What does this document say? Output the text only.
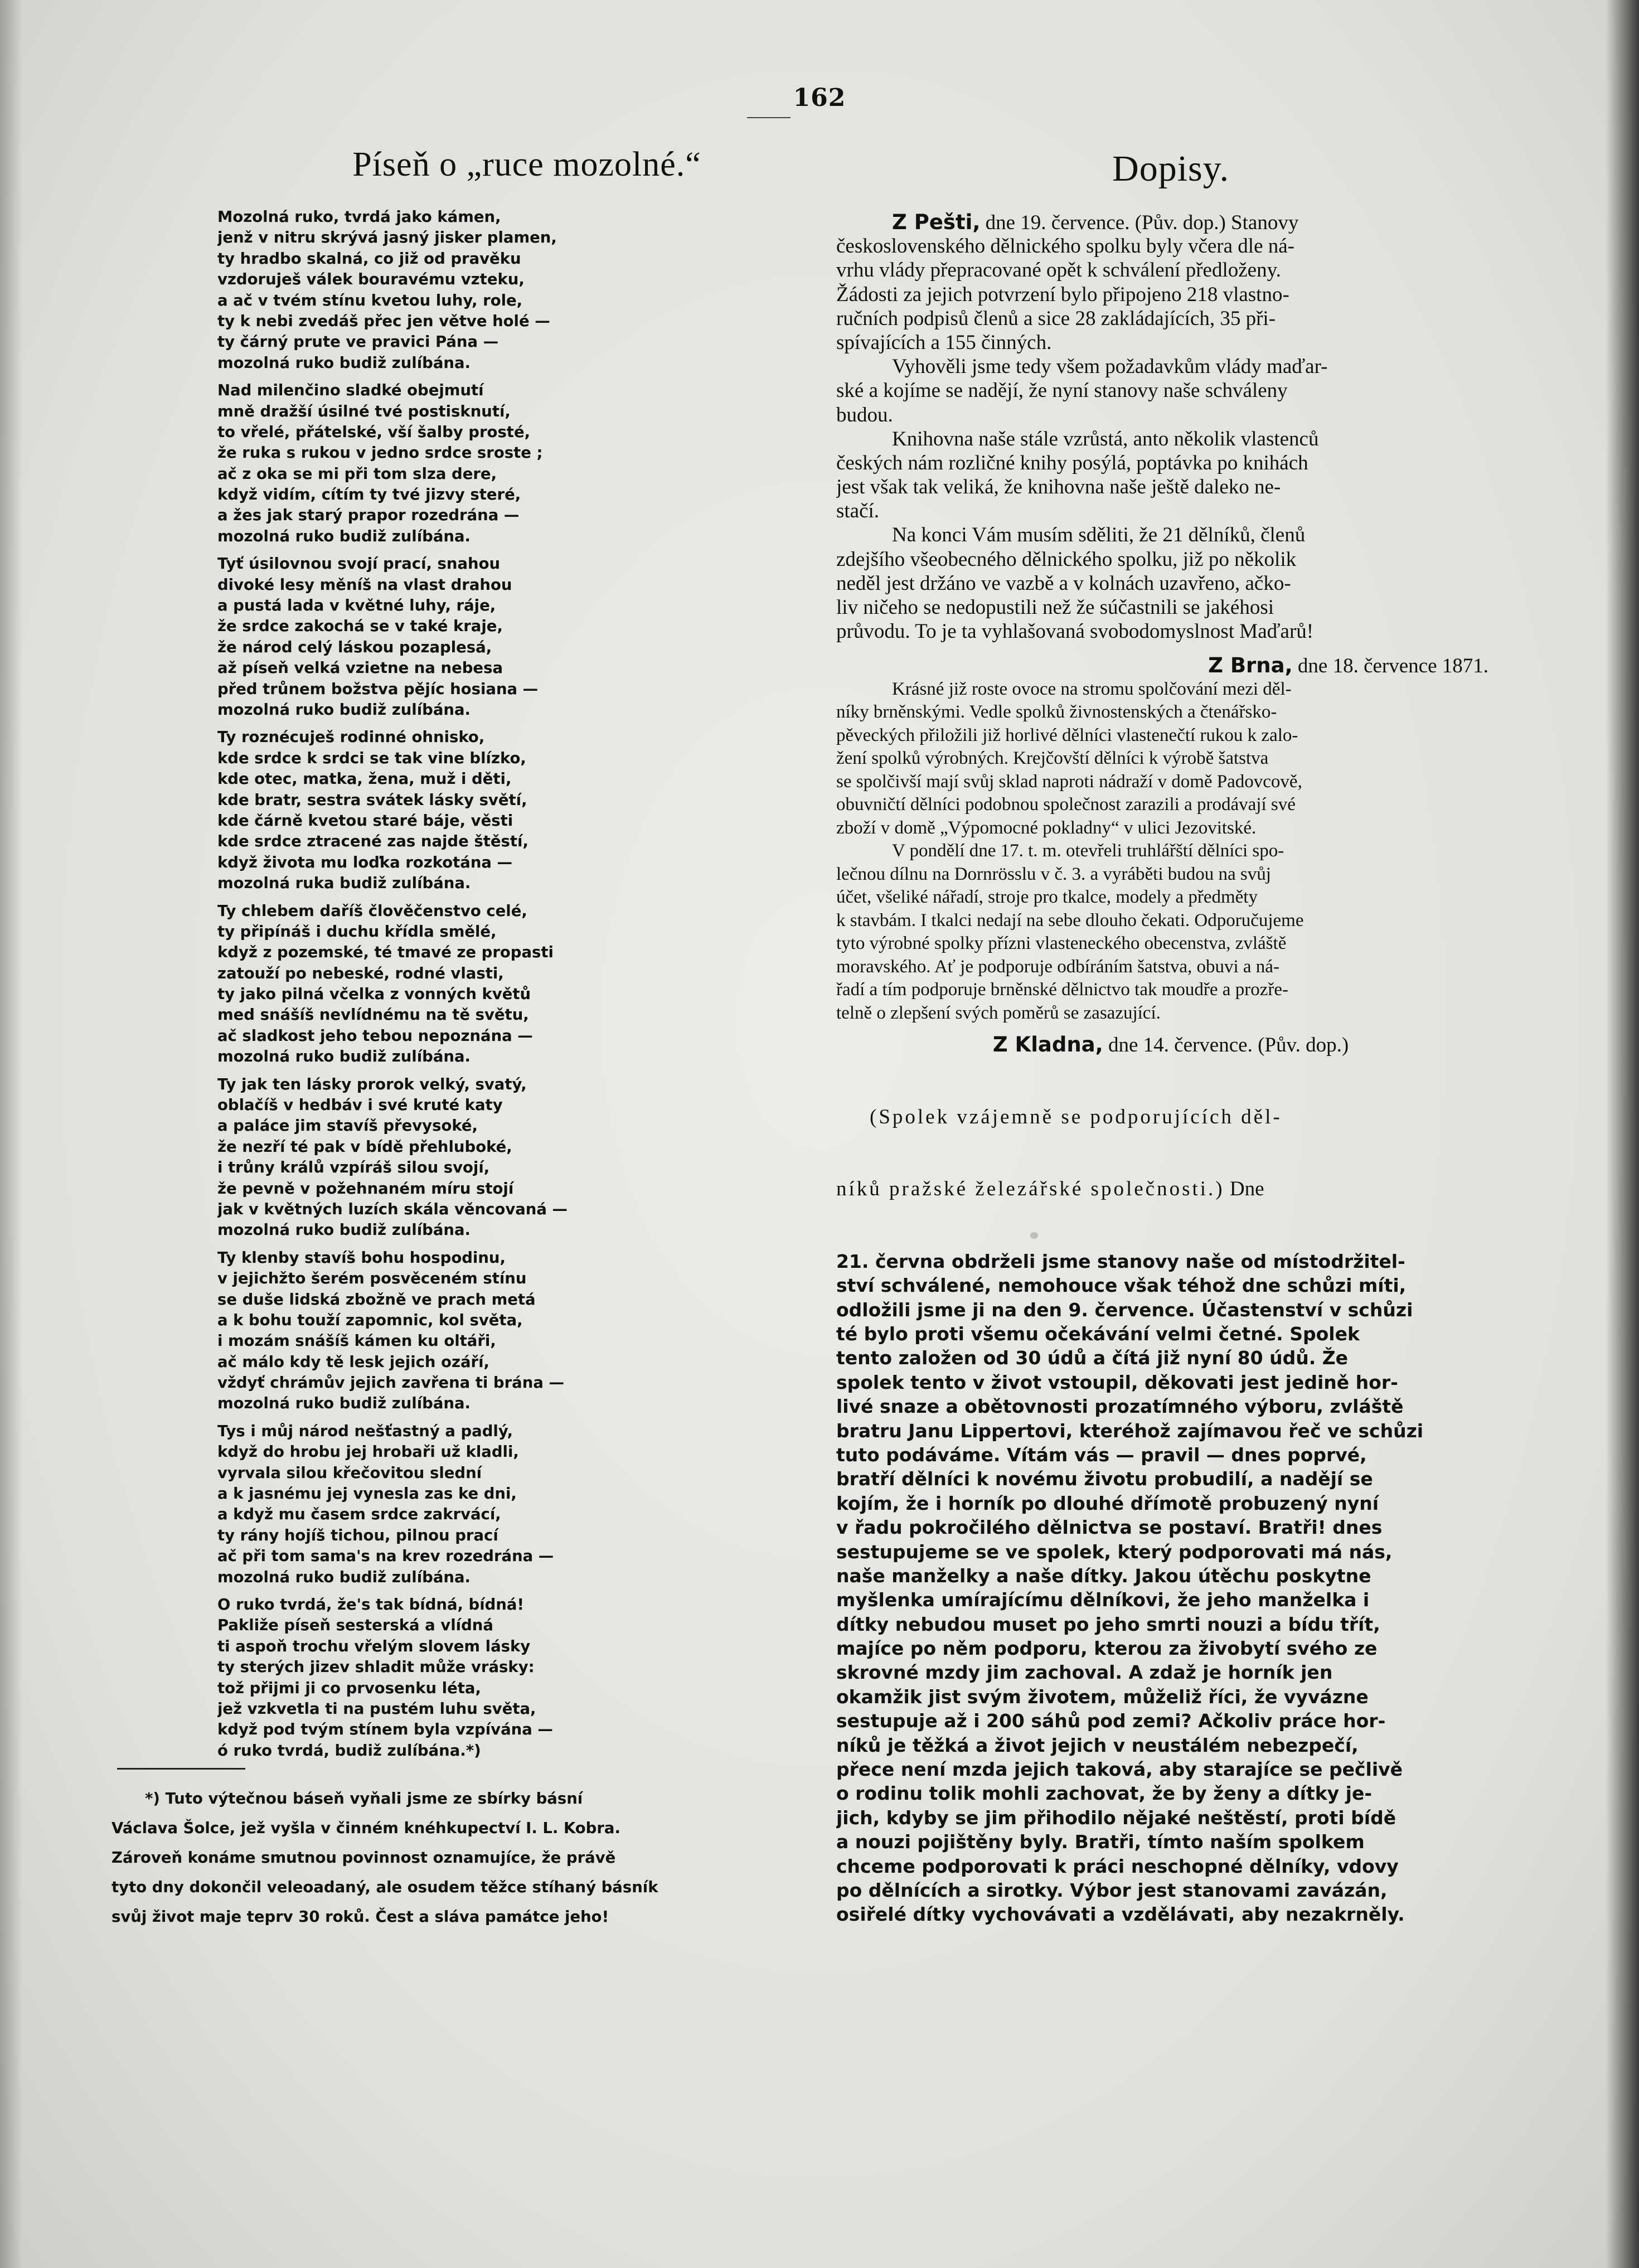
162
Píseň o „ruce mozolné.“
Mozolná ruko, tvrdá jako kámen,
jenž v nitru skrývá jasný jisker plamen,
ty hradbo skalná, co již od pravěku
vzdoruješ válek bouravému vzteku,
a ač v tvém stínu kvetou luhy, role,
ty k nebi zvedáš přec jen větve holé —
ty čárný prute ve pravici Pána —
mozolná ruko budiž zulíbána.
Nad milenčino sladké obejmutí
mně dražší úsilné tvé postisknutí,
to vřelé, přátelské, vší šalby prosté,
že ruka s rukou v jedno srdce sroste ;
ač z oka se mi při tom slza dere,
když vidím, cítím ty tvé jizvy steré,
a žes jak starý prapor rozedrána —
mozolná ruko budiž zulíbána.
Tyť úsilovnou svojí prací, snahou
divoké lesy měníš na vlast drahou
a pustá lada v květné luhy, ráje,
že srdce zakochá se v také kraje,
že národ celý láskou pozaplesá,
až píseň velká vzietne na nebesa
před trůnem božstva pějíc hosiana —
mozolná ruko budiž zulíbána.
Ty roznécuješ rodinné ohnisko,
kde srdce k srdci se tak vine blízko,
kde otec, matka, žena, muž i děti,
kde bratr, sestra svátek lásky světí,
kde čárně kvetou staré báje, věsti
kde srdce ztracené zas najde štěstí,
když života mu loďka rozkotána —
mozolná ruka budiž zulíbána.
Ty chlebem daříš člověčenstvo celé,
ty připínáš i duchu křídla smělé,
když z pozemské, té tmavé ze propasti
zatouží po nebeské, rodné vlasti,
ty jako pilná včelka z vonných květů
med snášíš nevlídnému na tě světu,
ač sladkost jeho tebou nepoznána —
mozolná ruko budiž zulíbána.
Ty jak ten lásky prorok velký, svatý,
oblačíš v hedbáv i své kruté katy
a paláce jim stavíš převysoké,
že nezří té pak v bídě přehluboké,
i trůny králů vzpíráš silou svojí,
že pevně v požehnaném míru stojí
jak v květných luzích skála věncovaná —
mozolná ruko budiž zulíbána.
Ty klenby stavíš bohu hospodinu,
v jejichžto šerém posvěceném stínu
se duše lidská zbožně ve prach metá
a k bohu touží zapomnic, kol světa,
i mozám snášíš kámen ku oltáři,
ač málo kdy tě lesk jejich ozáří,
vždyť chrámův jejich zavřena ti brána —
mozolná ruko budiž zulíbána.
Tys i můj národ nešťastný a padlý,
když do hrobu jej hrobaři už kladli,
vyrvala silou křečovitou slední
a k jasnému jej vynesla zas ke dni,
a když mu časem srdce zakrvácí,
ty rány hojíš tichou, pilnou prací
ač při tom sama's na krev rozedrána —
mozolná ruko budiž zulíbána.
O ruko tvrdá, že's tak bídná, bídná!
Pakliže píseň sesterská a vlídná
ti aspoň trochu vřelým slovem lásky
ty sterých jizev shladit může vrásky:
tož přijmi ji co prvosenku léta,
jež vzkvetla ti na pustém luhu světa,
když pod tvým stínem byla vzpívána —
ó ruko tvrdá, budiž zulíbána.*)
*) Tuto výtečnou báseň vyňali jsme ze sbírky básní
Václava Šolce, jež vyšla v činném knéhkupectví I. L. Kobra.
Zároveň konáme smutnou povinnost oznamujíce, že právě
tyto dny dokončil veleoadaný, ale osudem těžce stíhaný básník
svůj život maje teprv 30 roků. Čest a sláva památce jeho!
Dopisy.
Z Pešti, dne 19. července. (Pův. dop.) Stanovy
československého dělnického spolku byly včera dle ná-
vrhu vlády přepracované opět k schválení předloženy.
Žádosti za jejich potvrzení bylo připojeno 218 vlastno-
ručních podpisů členů a sice 28 zakládajících, 35 při-
spívajících a 155 činných.
Vyhověli jsme tedy všem požadavkům vlády maďar-
ské a kojíme se nadějí, že nyní stanovy naše schváleny
budou.
Knihovna naše stále vzrůstá, anto několik vlastenců
českých nám rozličné knihy posýlá, poptávka po knihách
jest však tak veliká, že knihovna naše ještě daleko ne-
stačí.
Na konci Vám musím sděliti, že 21 dělníků, členů
zdejšího všeobecného dělnického spolku, již po několik
neděl jest držáno ve vazbě a v kolnách uzavřeno, ačko-
liv ničeho se nedopustili než že súčastnili se jakéhosi
průvodu. To je ta vyhlašovaná svobodomyslnost Maďarů!
Z Brna, dne 18. července 1871.
Krásné již roste ovoce na stromu spolčování mezi děl-
níky brněnskými. Vedle spolků živnostenských a čtenářsko-
pěveckých přiložili již horlivé dělníci vlastenečtí rukou k zalo-
žení spolků výrobných. Krejčovští dělníci k výrobě šatstva
se spolčivší mají svůj sklad naproti nádraží v domě Padovcově,
obuvničtí dělníci podobnou společnost zarazili a prodávají své
zboží v domě „Výpomocné pokladny“ v ulici Jezovitské.
V pondělí dne 17. t. m. otevřeli truhlářští dělníci spo-
lečnou dílnu na Dornrösslu v č. 3. a vyráběti budou na svůj
účet, všeliké nářadí, stroje pro tkalce, modely a předměty
k stavbám. I tkalci nedají na sebe dlouho čekati. Odporučujeme
tyto výrobné spolky přízni vlasteneckého obecenstva, zvláště
moravského. Ať je podporuje odbíráním šatstva, obuvi a ná-
řadí a tím podporuje brněnské dělnictvo tak moudře a prozře-
telně o zlepšení svých poměrů se zasazující.
Z Kladna, dne 14. července. (Pův. dop.)

(Spolek vzájemně se podporujících děl-

níků pražské železářské společnosti.) Dne

21. června obdrželi jsme stanovy naše od místodržitel-
ství schválené, nemohouce však téhož dne schůzi míti,
odložili jsme ji na den 9. července. Účastenství v schůzi
té bylo proti všemu očekávání velmi četné. Spolek
tento založen od 30 údů a čítá již nyní 80 údů. Že
spolek tento v život vstoupil, děkovati jest jedině hor-
livé snaze a obětovnosti prozatímného výboru, zvláště
bratru Janu Lippertovi, kteréhož zajímavou řeč ve schůzi
tuto podáváme. Vítám vás — pravil — dnes poprvé,
bratří dělníci k novému životu probudilí, a nadějí se
kojím, že i horník po dlouhé dřímotě probuzený nyní
v řadu pokročilého dělnictva se postaví. Bratři! dnes
sestupujeme se ve spolek, který podporovati má nás,
naše manželky a naše dítky. Jakou útěchu poskytne
myšlenka umírajícímu dělníkovi, že jeho manželka i
dítky nebudou muset po jeho smrti nouzi a bídu třít,
majíce po něm podporu, kterou za živobytí svého ze
skrovné mzdy jim zachoval. A zdaž je horník jen
okamžik jist svým životem, můželiž říci, že vyváznе
sestupuje až i 200 sáhů pod zemi? Ačkoliv práce hor-
níků je těžká a život jejich v neustálém nebezpečí,
přece není mzda jejich taková, aby starajíce se pečlivě
o rodinu tolik mohli zachovat, že by ženy a dítky je-
jich, kdyby se jim přihodilo nějaké neštěstí, proti bídě
a nouzi pojištěny byly. Bratři, tímto naším spolkem
chceme podporovati k práci neschopné dělníky, vdovy
po dělnících a sirotky. Výbor jest stanovami zavázán,
osiřelé dítky vychovávati a vzdělávati, aby nezakrněly.
